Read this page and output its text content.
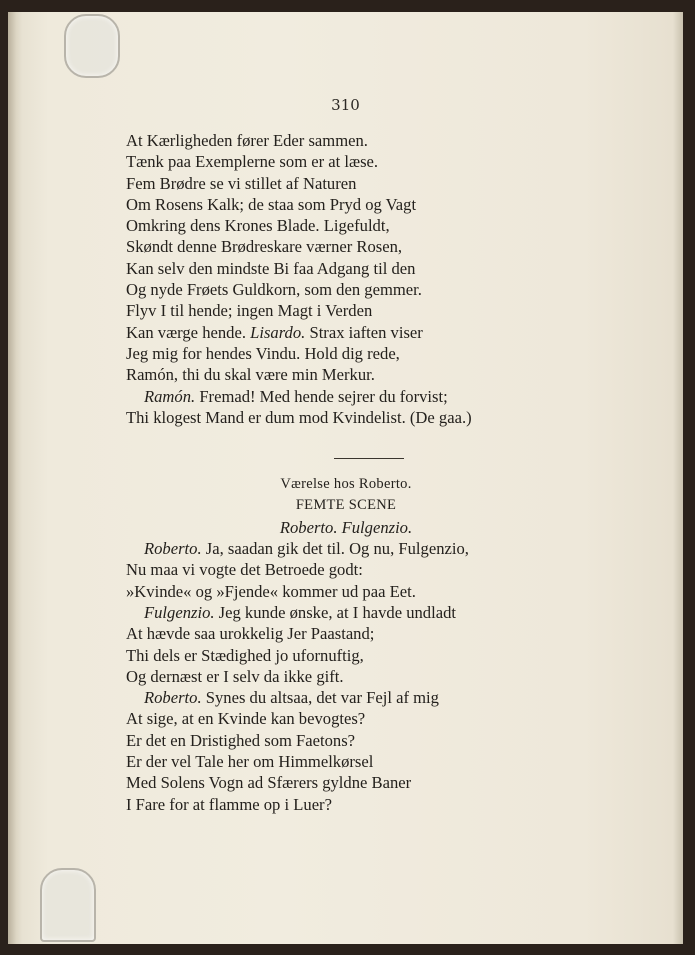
310
At Kærligheden fører Eder sammen.
Tænk paa Exemplerne som er at læse.
Fem Brødre se vi stillet af Naturen
Om Rosens Kalk; de staa som Pryd og Vagt
Omkring dens Krones Blade. Ligefuldt,
Skøndt denne Brødreskare værner Rosen,
Kan selv den mindste Bi faa Adgang til den
Og nyde Frøets Guldkorn, som den gemmer.
Flyv I til hende; ingen Magt i Verden
Kan værge hende. Lisardo. Strax iaften viser
Jeg mig for hendes Vindu. Hold dig rede,
Ramón, thi du skal være min Merkur.
Ramón. Fremad! Med hende sejrer du forvist;
Thi klogest Mand er dum mod Kvindelist. (De gaa.)
Værelse hos Roberto.
FEMTE SCENE
Roberto. Fulgenzio.
Roberto. Ja, saadan gik det til. Og nu, Fulgenzio,
Nu maa vi vogte det Betroede godt:
»Kvinde« og »Fjende« kommer ud paa Eet.
Fulgenzio. Jeg kunde ønske, at I havde undladt
At hævde saa urokkelig Jer Paastand;
Thi dels er Stædighed jo ufornuftig,
Og dernæst er I selv da ikke gift.
Roberto. Synes du altsaa, det var Fejl af mig
At sige, at en Kvinde kan bevogtes?
Er det en Dristighed som Faetons?
Er der vel Tale her om Himmelkørsel
Med Solens Vogn ad Sfærers gyldne Baner
I Fare for at flamme op i Luer?
